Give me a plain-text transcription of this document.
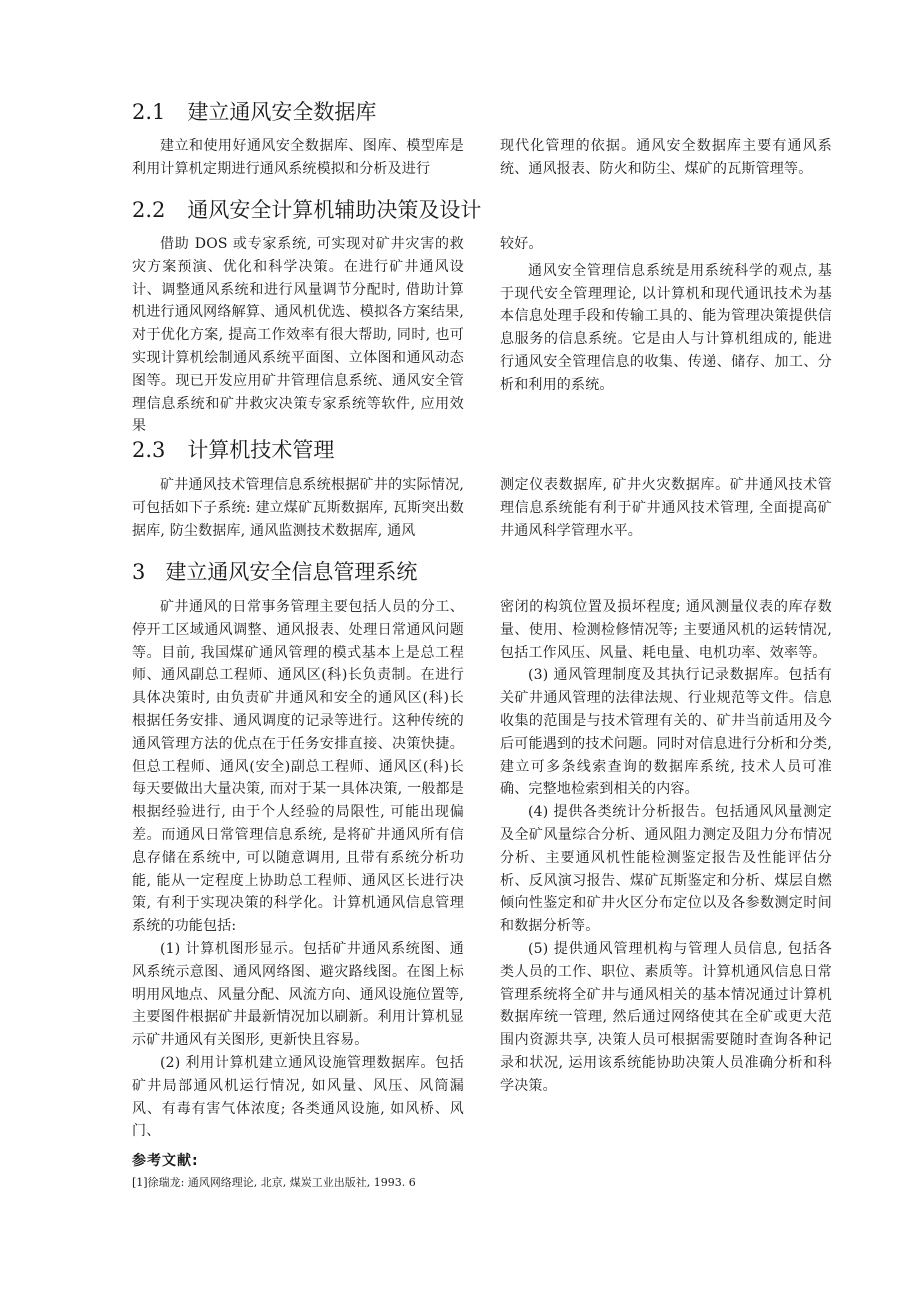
2.1 建立通风安全数据库

建立和使用好通风安全数据库、图库、模型库是利用计算机定期进行通风系统模拟和分析及进行

现代化管理的依据。通风安全数据库主要有通风系统、通风报表、防火和防尘、煤矿的瓦斯管理等。

2.2 通风安全计算机辅助决策及设计

借助 DOS 或专家系统, 可实现对矿井灾害的救灾方案预演、优化和科学决策。在进行矿井通风设计、调整通风系统和进行风量调节分配时, 借助计算机进行通风网络解算、通风机优选、模拟各方案结果, 对于优化方案, 提高工作效率有很大帮助, 同时, 也可实现计算机绘制通风系统平面图、立体图和通风动态图等。现已开发应用矿井管理信息系统、通风安全管理信息系统和矿井救灾决策专家系统等软件, 应用效果

较好。

通风安全管理信息系统是用系统科学的观点, 基于现代安全管理理论, 以计算机和现代通讯技术为基本信息处理手段和传输工具的、能为管理决策提供信息服务的信息系统。它是由人与计算机组成的, 能进行通风安全管理信息的收集、传递、储存、加工、分析和利用的系统。

2.3 计算机技术管理

矿井通风技术管理信息系统根据矿井的实际情况, 可包括如下子系统: 建立煤矿瓦斯数据库, 瓦斯突出数据库, 防尘数据库, 通风监测技术数据库, 通风

测定仪表数据库, 矿井火灾数据库。矿井通风技术管理信息系统能有利于矿井通风技术管理, 全面提高矿井通风科学管理水平。

3 建立通风安全信息管理系统

矿井通风的日常事务管理主要包括人员的分工、停开工区域通风调整、通风报表、处理日常通风问题等。目前, 我国煤矿通风管理的模式基本上是总工程师、通风副总工程师、通风区(科)长负责制。在进行具体决策时, 由负责矿井通风和安全的通风区(科)长根据任务安排、通风调度的记录等进行。这种传统的通风管理方法的优点在于任务安排直接、决策快捷。但总工程师、通风(安全)副总工程师、通风区(科)长每天要做出大量决策, 而对于某一具体决策, 一般都是根据经验进行, 由于个人经验的局限性, 可能出现偏差。而通风日常管理信息系统, 是将矿井通风所有信息存储在系统中, 可以随意调用, 且带有系统分析功能, 能从一定程度上协助总工程师、通风区长进行决策, 有利于实现决策的科学化。计算机通风信息管理系统的功能包括:

(1) 计算机图形显示。包括矿井通风系统图、通风系统示意图、通风网络图、避灾路线图。在图上标明用风地点、风量分配、风流方向、通风设施位置等, 主要图件根据矿井最新情况加以刷新。利用计算机显示矿井通风有关图形, 更新快且容易。

(2) 利用计算机建立通风设施管理数据库。包括矿井局部通风机运行情况, 如风量、风压、风筒漏风、有毒有害气体浓度; 各类通风设施, 如风桥、风门、

密闭的构筑位置及损坏程度; 通风测量仪表的库存数量、使用、检测检修情况等; 主要通风机的运转情况, 包括工作风压、风量、耗电量、电机功率、效率等。

(3) 通风管理制度及其执行记录数据库。包括有关矿井通风管理的法律法规、行业规范等文件。信息收集的范围是与技术管理有关的、矿井当前适用及今后可能遇到的技术问题。同时对信息进行分析和分类, 建立可多条线索查询的数据库系统, 技术人员可准确、完整地检索到相关的内容。

(4) 提供各类统计分析报告。包括通风风量测定及全矿风量综合分析、通风阻力测定及阻力分布情况分析、主要通风机性能检测鉴定报告及性能评估分析、反风演习报告、煤矿瓦斯鉴定和分析、煤层自燃倾向性鉴定和矿井火区分布定位以及各参数测定时间和数据分析等。

(5) 提供通风管理机构与管理人员信息, 包括各类人员的工作、职位、素质等。计算机通风信息日常管理系统将全矿井与通风相关的基本情况通过计算机数据库统一管理, 然后通过网络使其在全矿或更大范围内资源共享, 决策人员可根据需要随时查询各种记录和状况, 运用该系统能协助决策人员准确分析和科学决策。

参考文献:
[1]徐瑞龙: 通风网络理论, 北京, 煤炭工业出版社, 1993. 6
